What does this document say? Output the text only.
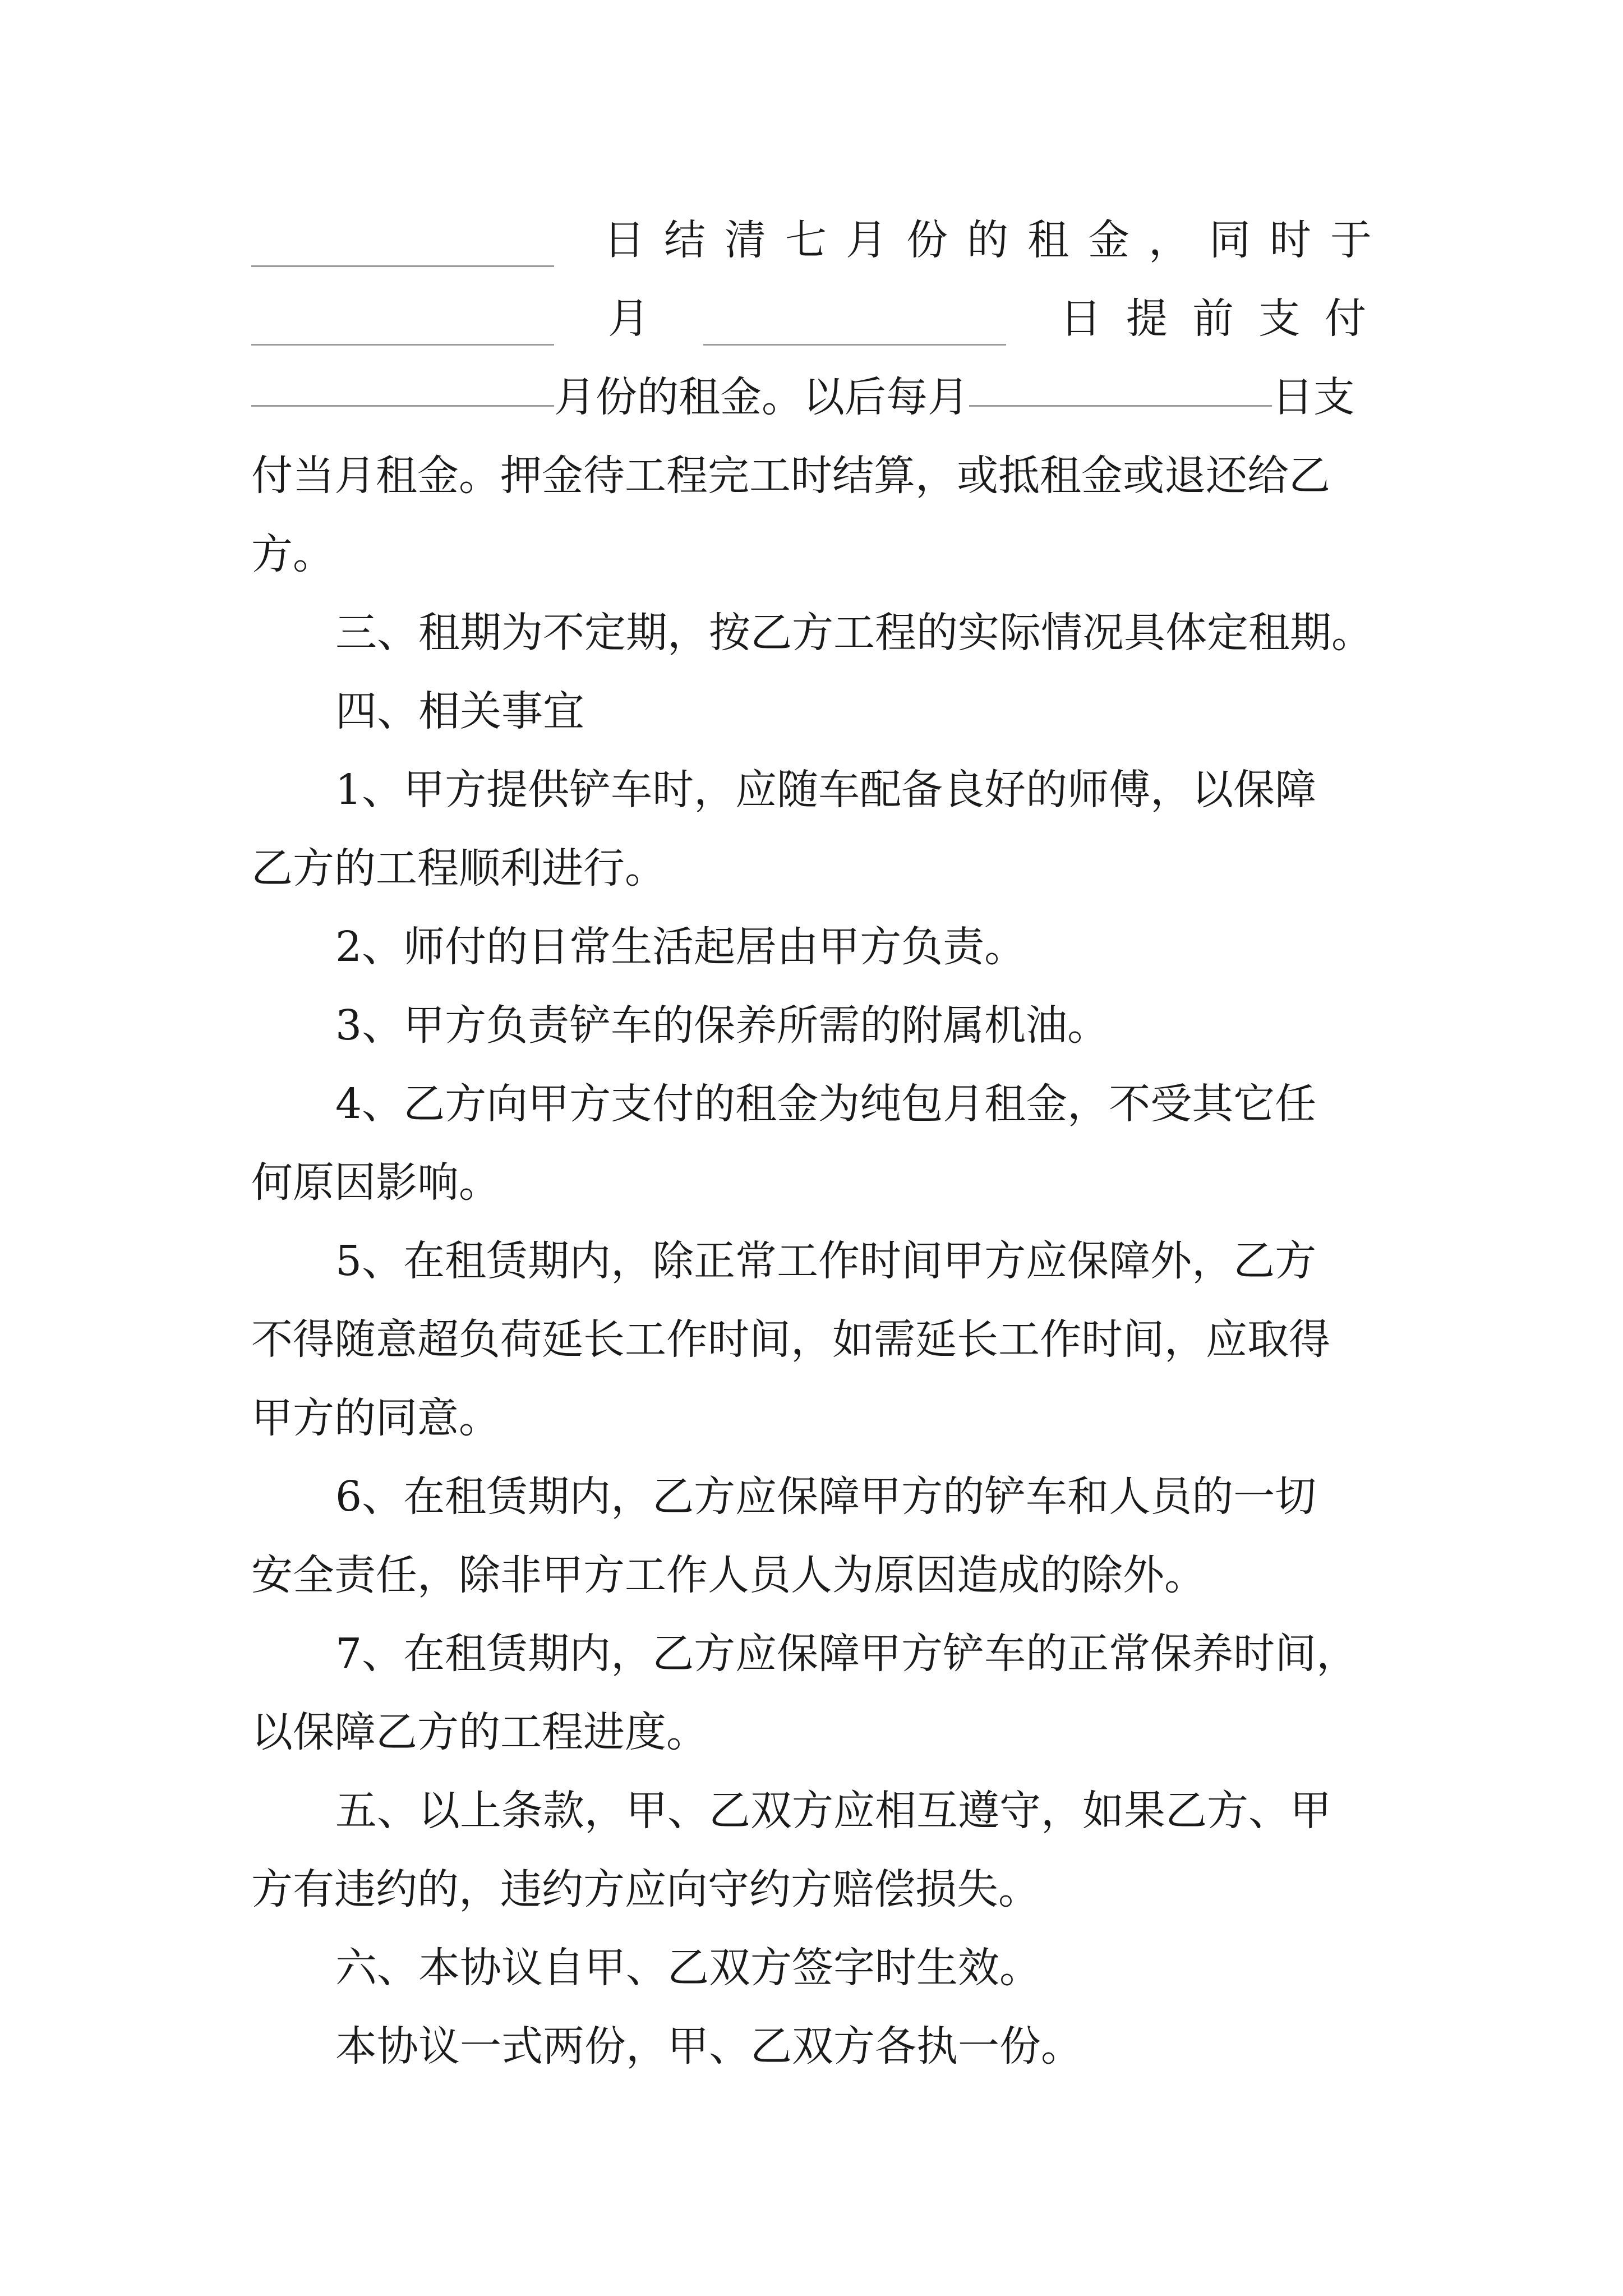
日结清七月份的租金，同时于
月	日提前支付
月份的租金。以后每月	日支
付当月租金。押金待工程完工时结算，或抵租金或退还给乙
方。
三、租期为不定期，按乙方工程的实际情况具体定租期。
四、相关事宜
1、甲方提供铲车时，应随车配备良好的师傅，以保障
乙方的工程顺利进行。
2、师付的日常生活起居由甲方负责。
3、甲方负责铲车的保养所需的附属机油。
4、乙方向甲方支付的租金为纯包月租金，不受其它任
何原因影响。
5、在租赁期内，除正常工作时间甲方应保障外，乙方
不得随意超负荷延长工作时间，如需延长工作时间，应取得
甲方的同意。
6、在租赁期内，乙方应保障甲方的铲车和人员的一切
安全责任，除非甲方工作人员人为原因造成的除外。
7、在租赁期内，乙方应保障甲方铲车的正常保养时间，
以保障乙方的工程进度。
五、以上条款，甲、乙双方应相互遵守，如果乙方、甲
方有违约的，违约方应向守约方赔偿损失。
六、本协议自甲、乙双方签字时生效。
本协议一式两份，甲、乙双方各执一份。
